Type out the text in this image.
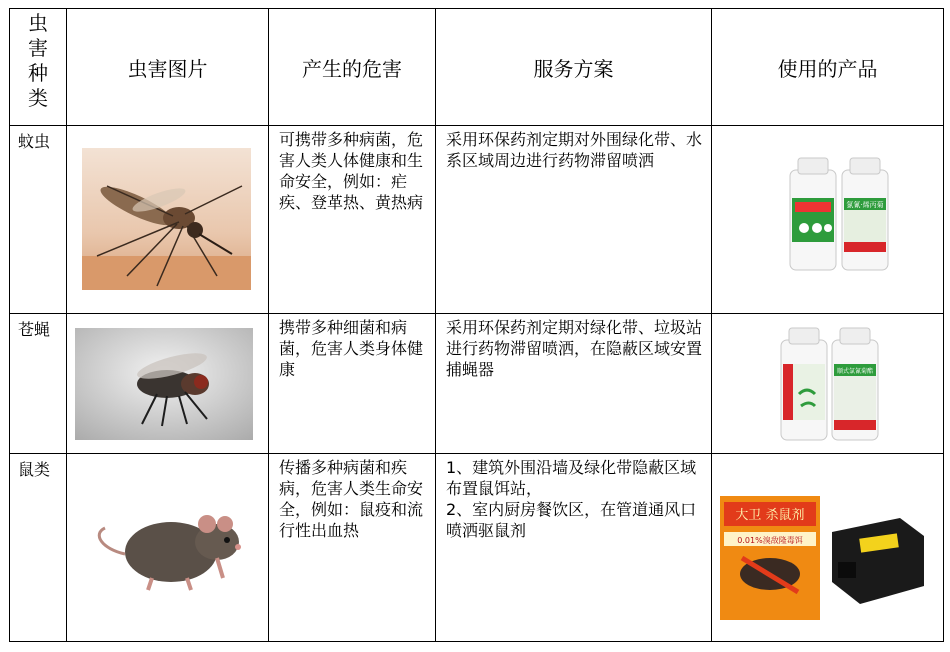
虫
害
种
类	虫害图片	产生的危害	服务方案	使用的产品
蚊虫		可携带多种病菌，危害人类人体健康和生命安全，例如：疟疾、登革热、黄热病	采用环保药剂定期对外围绿化带、水系区域周边进行药物滞留喷洒	氯氰·烯丙菊

苍蝇		携带多种细菌和病菌，危害人类身体健康	采用环保药剂定期对绿化带、垃圾站进行药物滞留喷洒，在隐蔽区域安置捕蝇器	顺式氯氰菊酯

鼠类		传播多种病菌和疾病，危害人类生命安全，例如：鼠疫和流行性出血热	1、建筑外围沿墙及绿化带隐蔽区域布置鼠饵站，
2、室内厨房餐饮区，在管道通风口喷洒驱鼠剂	大卫 杀鼠剂
0.01%溴敌隆毒饵
